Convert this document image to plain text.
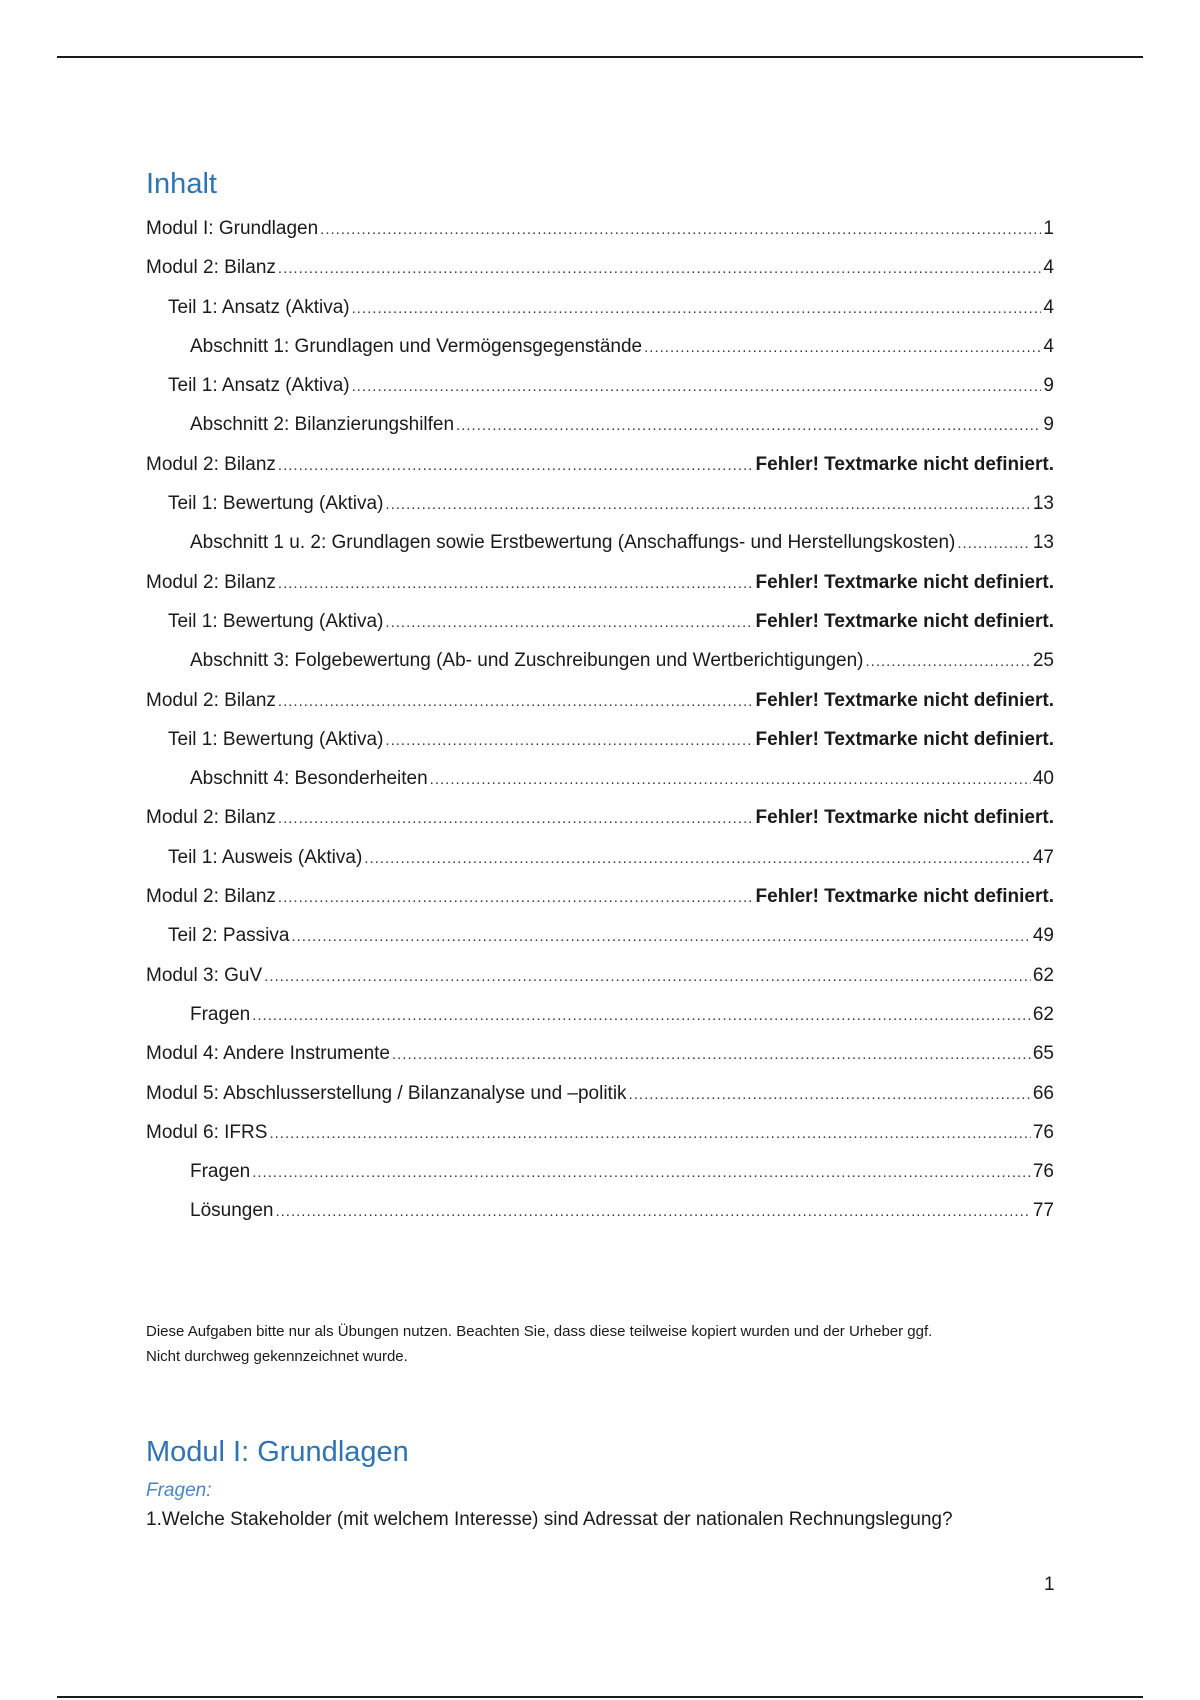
Inhalt
Modul I: Grundlagen .....	1
Modul 2: Bilanz .....	4
Teil 1: Ansatz (Aktiva) .....	4
Abschnitt 1: Grundlagen und Vermögensgegenstände .....	4
Teil 1: Ansatz (Aktiva) .....	9
Abschnitt 2: Bilanzierungshilfen .....	9
Modul 2: Bilanz .....	Fehler! Textmarke nicht definiert.
Teil 1: Bewertung (Aktiva) .....	13
Abschnitt 1 u. 2: Grundlagen sowie Erstbewertung (Anschaffungs- und Herstellungskosten) .....	13
Modul 2: Bilanz .....	Fehler! Textmarke nicht definiert.
Teil 1: Bewertung (Aktiva) .....	Fehler! Textmarke nicht definiert.
Abschnitt 3: Folgebewertung (Ab- und Zuschreibungen und Wertberichtigungen) .....	25
Modul 2: Bilanz .....	Fehler! Textmarke nicht definiert.
Teil 1: Bewertung (Aktiva) .....	Fehler! Textmarke nicht definiert.
Abschnitt 4: Besonderheiten .....	40
Modul 2: Bilanz .....	Fehler! Textmarke nicht definiert.
Teil 1: Ausweis (Aktiva) .....	47
Modul 2: Bilanz .....	Fehler! Textmarke nicht definiert.
Teil 2: Passiva .....	49
Modul 3: GuV .....	62
Fragen .....	62
Modul 4: Andere Instrumente .....	65
Modul 5: Abschlusserstellung / Bilanzanalyse und –politik .....	66
Modul 6: IFRS .....	76
Fragen .....	76
Lösungen .....	77

Diese Aufgaben bitte nur als Übungen nutzen. Beachten Sie, dass diese teilweise kopiert wurden und der Urheber ggf.
Nicht durchweg gekennzeichnet wurde.

Modul I: Grundlagen

Fragen:

1.Welche Stakeholder (mit welchem Interesse) sind Adressat der nationalen Rechnungslegung?

1
